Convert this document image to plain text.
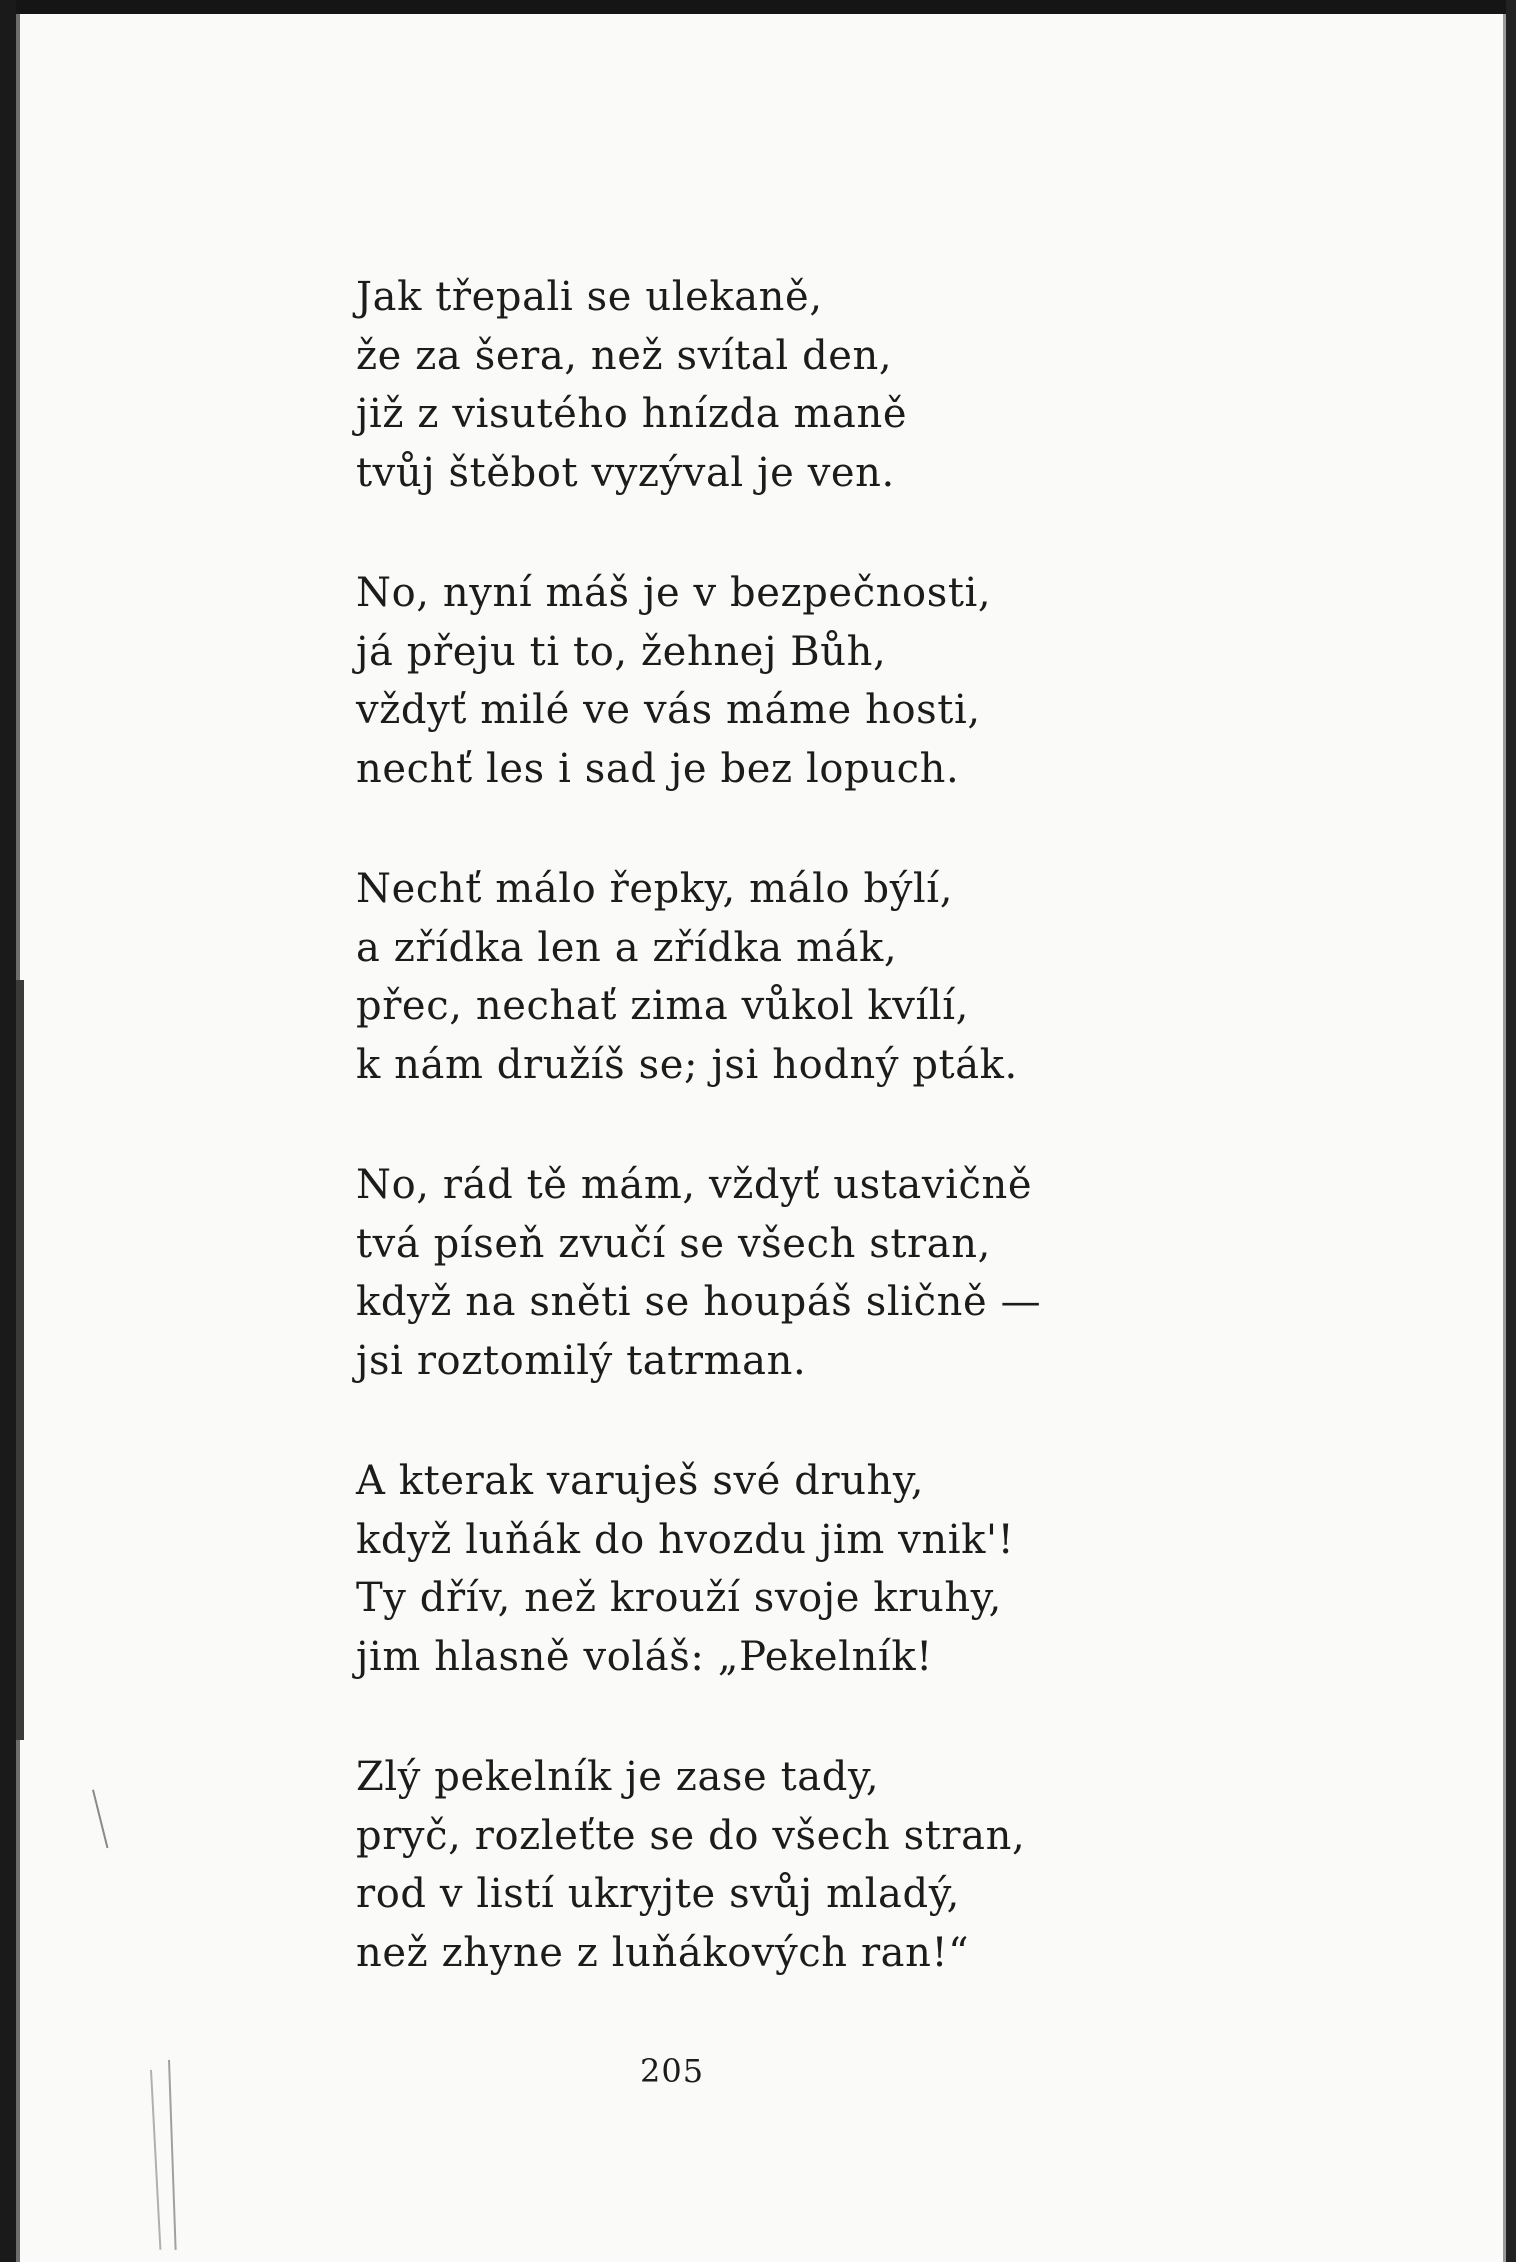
Jak třepali se ulekaně,
že za šera, než svítal den,
již z visutého hnízda maně
tvůj štěbot vyzýval je ven.
No, nyní máš je v bezpečnosti,
já přeju ti to, žehnej Bůh,
vždyť milé ve vás máme hosti,
nechť les i sad je bez lopuch.
Nechť málo řepky, málo býlí,
a zřídka len a zřídka mák,
přec, nechať zima vůkol kvílí,
k nám družíš se; jsi hodný pták.
No, rád tě mám, vždyť ustavičně
tvá píseň zvučí se všech stran,
když na sněti se houpáš sličně —
jsi roztomilý tatrman.
A kterak varuješ své druhy,
když luňák do hvozdu jim vnik'!
Ty dřív, než krouží svoje kruhy,
jim hlasně voláš: „Pekelník!
Zlý pekelník je zase tady,
pryč, rozleťte se do všech stran,
rod v listí ukryjte svůj mladý,
než zhyne z luňákových ran!“
205
